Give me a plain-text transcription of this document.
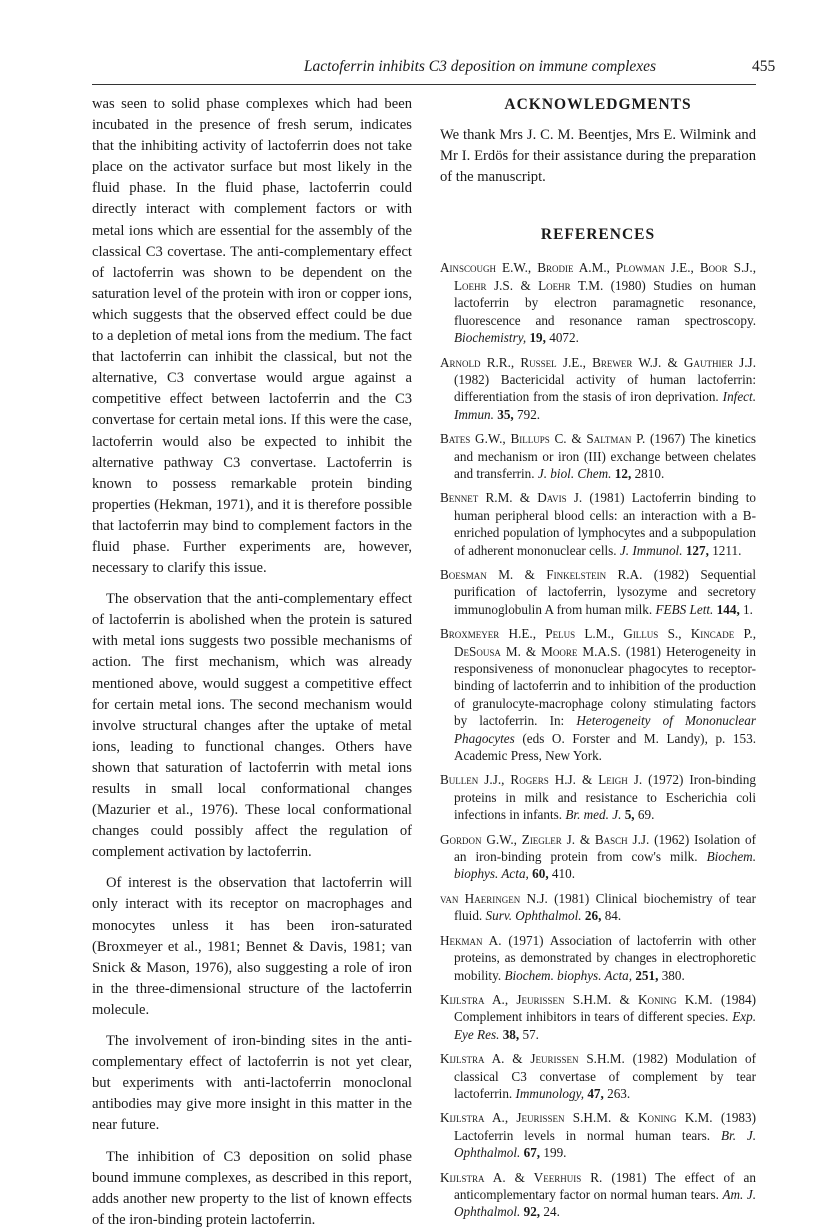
Lactoferrin inhibits C3 deposition on immune complexes	455

was seen to solid phase complexes which had been incubated in the presence of fresh serum, indicates that the inhibiting activity of lactoferrin does not take place on the activator surface but most likely in the fluid phase. In the fluid phase, lactoferrin could directly interact with complement factors or with metal ions which are essential for the assembly of the classical C3 covertase. The anti-complementary effect of lactoferrin was shown to be dependent on the saturation level of the protein with iron or copper ions, which suggests that the observed effect could be due to a depletion of metal ions from the medium. The fact that lactoferrin can inhibit the classical, but not the alternative, C3 convertase would argue against a competitive effect between lactoferrin and the C3 convertase for certain metal ions. If this were the case, lactoferrin would also be expected to inhibit the alternative pathway C3 convertase. Lactoferrin is known to possess remarkable protein binding properties (Hekman, 1971), and it is therefore possible that lactoferrin may bind to complement factors in the fluid phase. Further experiments are, however, necessary to clarify this issue.

The observation that the anti-complementary effect of lactoferrin is abolished when the protein is satured with metal ions suggests two possible mechanisms of action. The first mechanism, which was already mentioned above, would suggest a competitive effect for certain metal ions. The second mechanism would involve structural changes after the uptake of metal ions, leading to functional changes. Others have shown that saturation of lactoferrin with metal ions results in small local conformational changes (Mazurier et al., 1976). These local conformational changes could possibly affect the regulation of complement activation by lactoferrin.

Of interest is the observation that lactoferrin will only interact with its receptor on macrophages and monocytes unless it has been iron-saturated (Broxmeyer et al., 1981; Bennet & Davis, 1981; van Snick & Mason, 1976), also suggesting a role of iron in the three-dimensional structure of the lactoferrin molecule.

The involvement of iron-binding sites in the anti-complementary effect of lactoferrin is not yet clear, but experiments with anti-lactoferrin monoclonal antibodies may give more insight in this matter in the near future.

The inhibition of C3 deposition on solid phase bound immune complexes, as described in this report, adds another new property to the list of known effects of the iron-binding protein lactoferrin.

ACKNOWLEDGMENTS

We thank Mrs J. C. M. Beentjes, Mrs E. Wilmink and Mr I. Erdös for their assistance during the preparation of the manuscript.

REFERENCES

Ainscough E.W., Brodie A.M., Plowman J.E., Boor S.J., Loehr J.S. & Loehr T.M. (1980) Studies on human lactoferrin by electron paramagnetic resonance, fluorescence and resonance raman spectroscopy. Biochemistry, 19, 4072.

Arnold R.R., Russel J.E., Brewer W.J. & Gauthier J.J. (1982) Bactericidal activity of human lactoferrin: differentiation from the stasis of iron deprivation. Infect. Immun. 35, 792.

Bates G.W., Billups C. & Saltman P. (1967) The kinetics and mechanism or iron (III) exchange between chelates and transferrin. J. biol. Chem. 12, 2810.

Bennet R.M. & Davis J. (1981) Lactoferrin binding to human peripheral blood cells: an interaction with a B-enriched population of lymphocytes and a subpopulation of adherent mononuclear cells. J. Immunol. 127, 1211.

Boesman M. & Finkelstein R.A. (1982) Sequential purification of lactoferrin, lysozyme and secretory immunoglobulin A from human milk. FEBS Lett. 144, 1.

Broxmeyer H.E., Pelus L.M., Gillus S., Kincade P., DeSousa M. & Moore M.A.S. (1981) Heterogeneity in responsiveness of mononuclear phagocytes to receptor-binding of lactoferrin and to inhibition of the production of granulocyte-macrophage colony stimulating factors by lactoferrin. In: Heterogeneity of Mononuclear Phagocytes (eds O. Forster and M. Landy), p. 153. Academic Press, New York.

Bullen J.J., Rogers H.J. & Leigh J. (1972) Iron-binding proteins in milk and resistance to Escherichia coli infections in infants. Br. med. J. 5, 69.

Gordon G.W., Ziegler J. & Basch J.J. (1962) Isolation of an iron-binding protein from cow's milk. Biochem. biophys. Acta, 60, 410.

van Haeringen N.J. (1981) Clinical biochemistry of tear fluid. Surv. Ophthalmol. 26, 84.

Hekman A. (1971) Association of lactoferrin with other proteins, as demonstrated by changes in electrophoretic mobility. Biochem. biophys. Acta, 251, 380.

Kijlstra A., Jeurissen S.H.M. & Koning K.M. (1984) Complement inhibitors in tears of different species. Exp. Eye Res. 38, 57.

Kijlstra A. & Jeurissen S.H.M. (1982) Modulation of classical C3 convertase of complement by tear lactoferrin. Immunology, 47, 263.

Kijlstra A., Jeurissen S.H.M. & Koning K.M. (1983) Lactoferrin levels in normal human tears. Br. J. Ophthalmol. 67, 199.

Kijlstra A. & Veerhuis R. (1981) The effect of an anticomplementary factor on normal human tears. Am. J. Ophthalmol. 92, 24.
